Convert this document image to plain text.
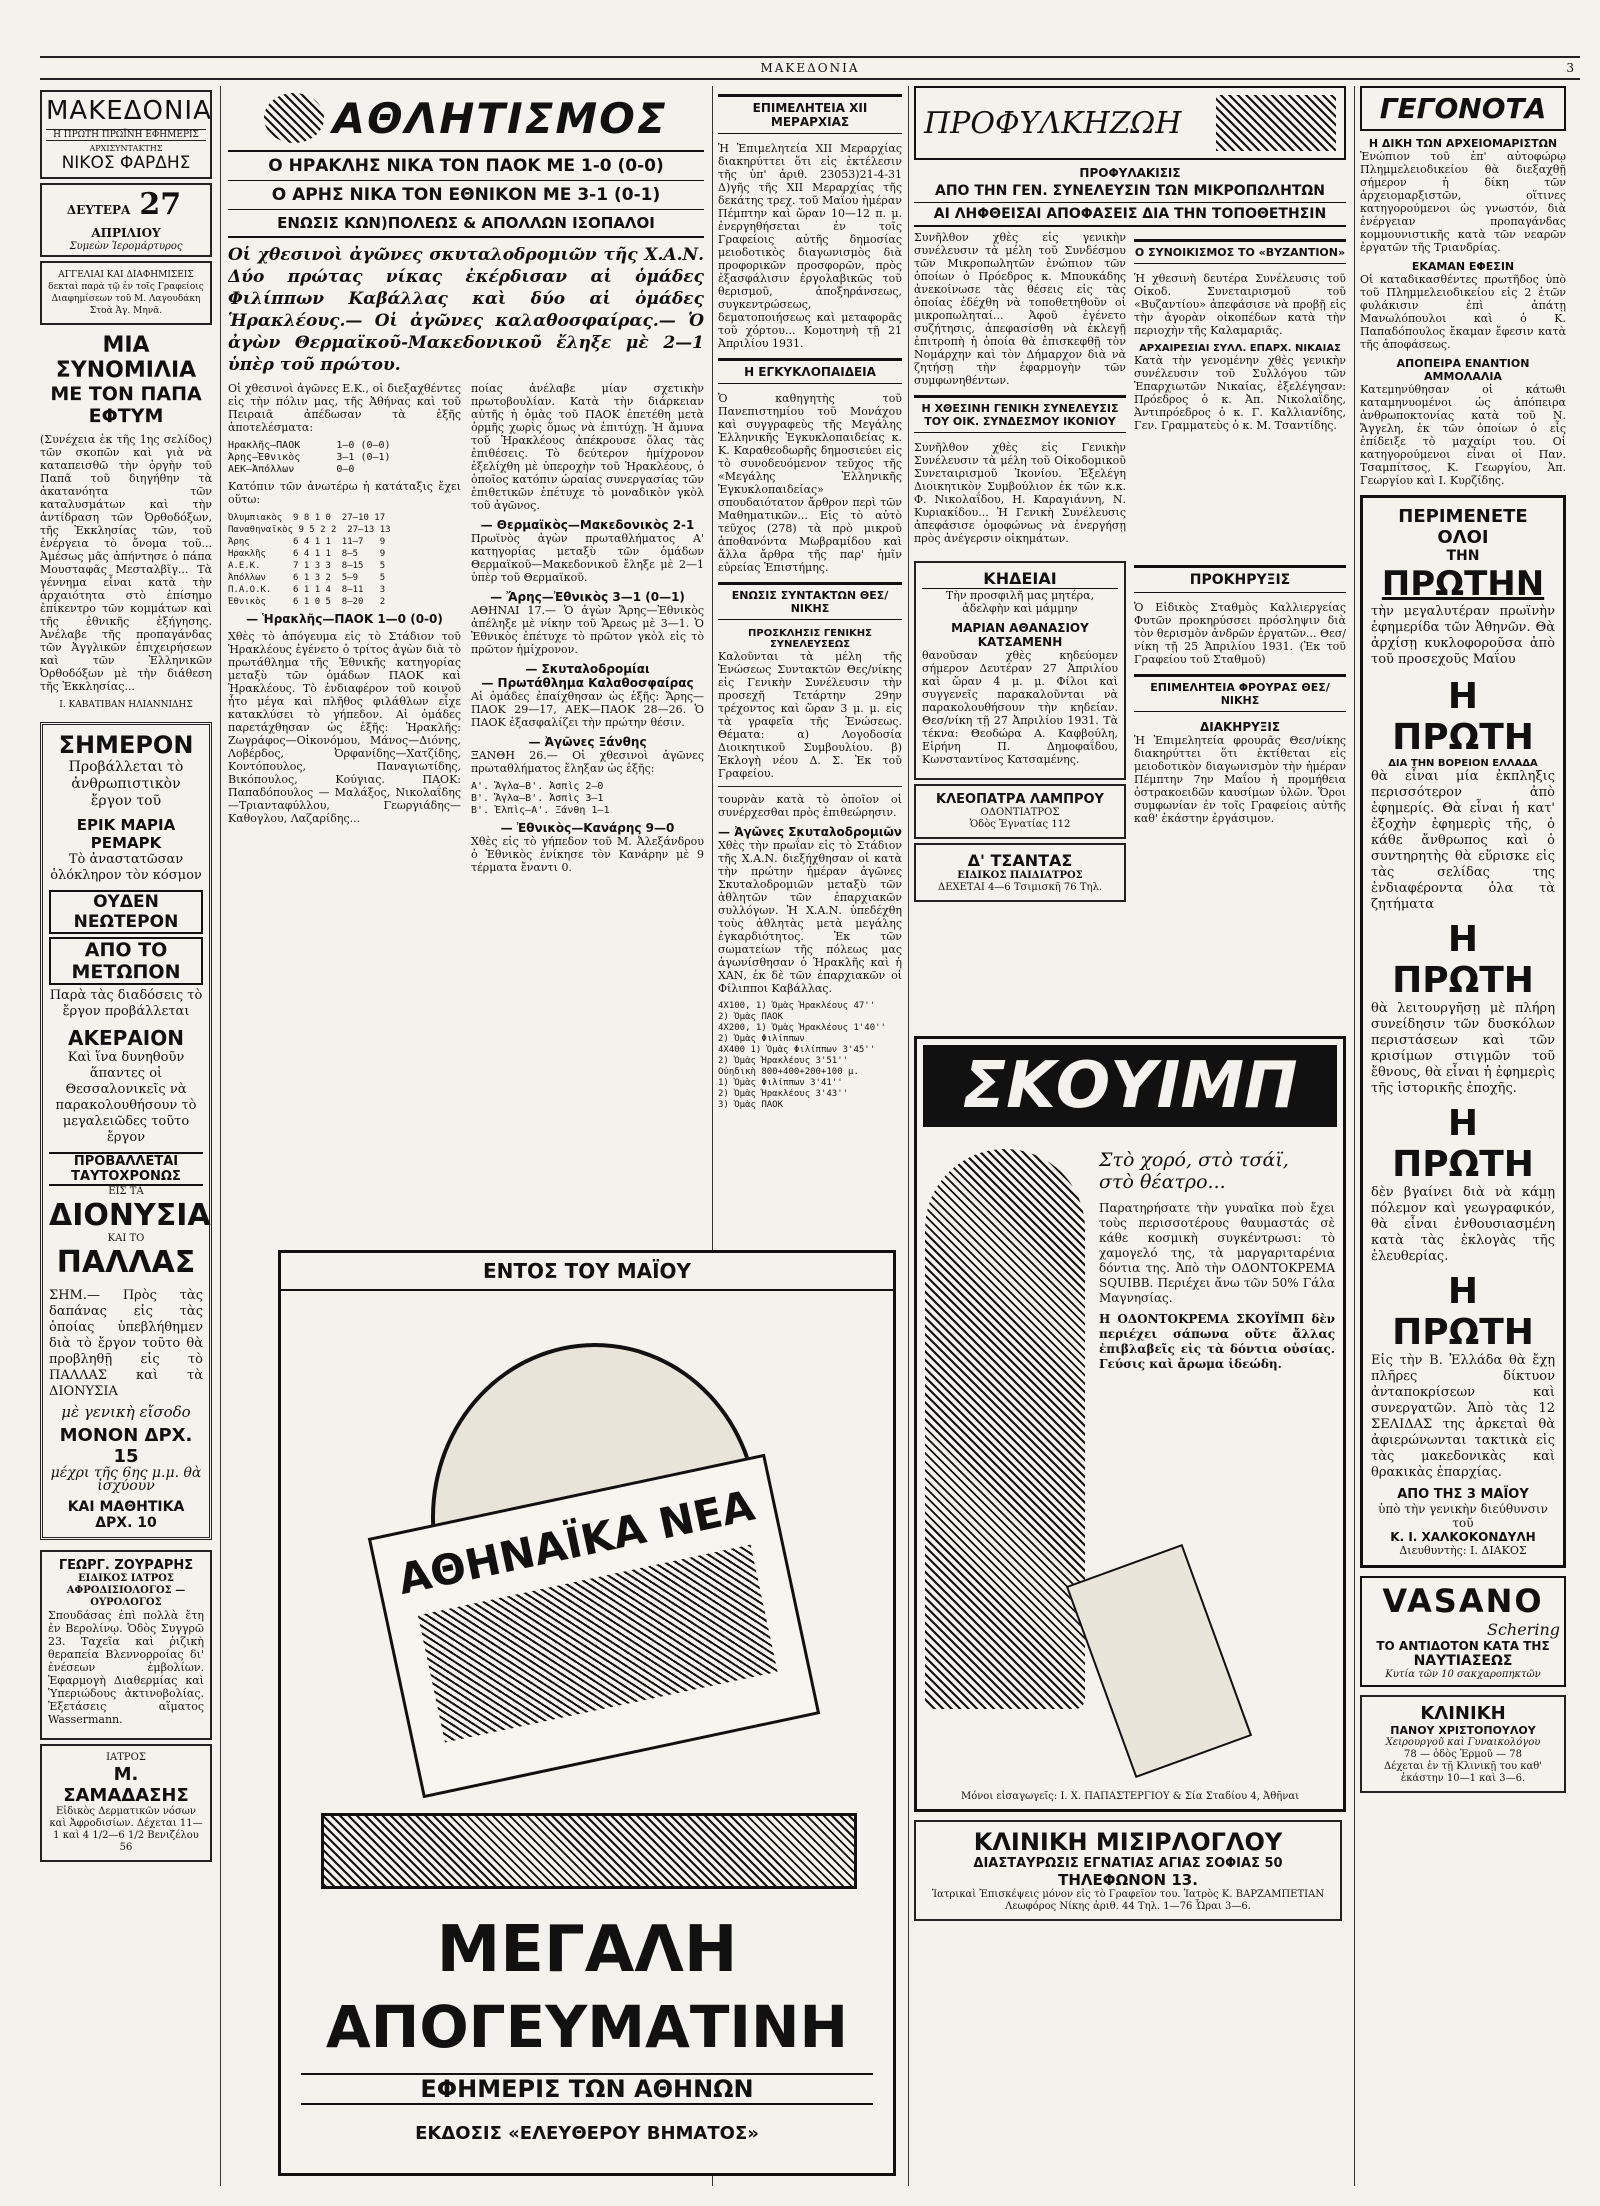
ΜΑΚΕΔΟΝΙΑ	3
ΜΑΚΕΔΟΝΙΑ
Η ΠΡΩΤΗ ΠΡΩΪΝΗ ΕΦΗΜΕΡΙΣ
ΑΡΧΙΣΥΝΤΑΚΤΗΣ
ΝΙΚΟΣ ΦΑΡΔΗΣ
ΔΕΥΤΕΡΑ 27 ΑΠΡΙΛΙΟΥ
Συμεὼν Ἱερομάρτυρος
ΑΓΓΕΛΙΑΙ ΚΑΙ ΔΙΑΦΗΜΙΣΕΙΣ δεκταὶ παρὰ τῷ ἐν τοῖς Γραφείοις Διαφημίσεων τοῦ Μ. Λαγουδάκη Στοὰ Ἁγ. Μηνᾶ.
ΜΙΑ ΣΥΝΟΜΙΛΙΑ
ΜΕ ΤΟΝ ΠΑΠΑ ΕΦΤΥΜ

(Συνέχεια ἐκ τῆς 1ης σελίδος) τῶν σκοπῶν καὶ γιὰ νὰ καταπεισθῶ τὴν ὀργὴν τοῦ Παπᾶ τοῦ διηγήθην τὰ ἀκατανόητα τῶν καταλυσμάτων καὶ τὴν ἀντίδραση τῶν Ὀρθοδόξων, τῆς Ἐκκλησίας τῶν, τοῦ ἐνέργεια τὸ ὄνομα τοῦ... Ἀμέσως μᾶς ἀπήντησε ὁ πάπα Μουσταφᾶς Μεσταλβῖγ... Τὰ γέννημα εἶναι κατὰ τὴν ἀρχαιότητα στὸ ἐπίσημο ἐπίκεντρο τῶν κομμάτων καὶ τῆς ἐθνικῆς ἐξήγησης. Ἀνέλαβε τῆς προπαγάνδας τῶν Ἀγγλικῶν ἐπιχειρήσεων καὶ τῶν Ἑλληνικῶν Ὀρθοδόξων μὲ τὴν διάθεση τῆς Ἐκκλησίας...

Ι. ΚΑΒΑΤΙΒΑΝ ΗΛΙΑΝΝΙΔΗΣ

ΣΗΜΕΡΟΝ
Προβάλλεται τὸ ἀνθρωπιστικὸν ἔργον τοῦ
ΕΡΙΚ ΜΑΡΙΑ ΡΕΜΑΡΚ
Τὸ ἀναστατῶσαν ὁλόκληρον τὸν κόσμον
ΟΥΔΕΝ ΝΕΩΤΕΡΟΝ
ΑΠΟ ΤΟ ΜΕΤΩΠΟΝ
Παρὰ τὰς διαδόσεις τὸ ἔργον προβάλλεται
ΑΚΕΡΑΙΟΝ
Καὶ ἵνα δυνηθοῦν ἅπαντες οἱ Θεσσαλονικεῖς νὰ παρακολουθήσουν τὸ μεγαλειῶδες τοῦτο ἔργον
ΠΡΟΒΑΛΛΕΤΑΙ ΤΑΥΤΟΧΡΟΝΩΣ
ΕΙΣ ΤΑ
ΔΙΟΝΥΣΙΑ
ΚΑΙ ΤΟ
ΠΑΛΛΑΣ
ΣΗΜ.— Πρὸς τὰς δαπάνας εἰς τὰς ὁποίας ὑπεβλήθημεν διὰ τὸ ἔργον τοῦτο θὰ προβληθῇ εἰς τὸ ΠΑΛΛΑΣ καὶ τὰ ΔΙΟΝΥΣΙΑ
μὲ γενικὴ εἴσοδο
ΜΟΝΟΝ ΔΡΧ. 15
μέχρι τῆς 6ης μ.μ. θὰ ἰσχύουν
ΚΑΙ ΜΑΘΗΤΙΚΑ ΔΡΧ. 10
ΓΕΩΡΓ. ΖΟΥΡΑΡΗΣ
ΕΙΔΙΚΟΣ ΙΑΤΡΟΣ ΑΦΡΟΔΙΣΙΟΛΟΓΟΣ — ΟΥΡΟΛΟΓΟΣ
Σπουδάσας ἐπὶ πολλὰ ἔτη ἐν Βερολίνῳ. Ὁδὸς Συγγρῶ 23. Ταχεῖα καὶ ῥιζικὴ θεραπεία Βλεννορροίας δι' ἐνέσεων ἐμβολίων. Ἐφαρμογὴ Διαθερμίας καὶ Ὑπεριώδους ἀκτινοβολίας. Ἐξετάσεις αἵματος Wassermann.
ΙΑΤΡΟΣ
Μ. ΣΑΜΑΔΑΣΗΣ
Εἰδικὸς Δερματικῶν νόσων καὶ Ἀφροδισίων. Δέχεται 11—1 καὶ 4 1/2—6 1/2 Βενιζέλου 56
ΑΘΛΗΤΙΣΜΟΣ
Ο ΗΡΑΚΛΗΣ ΝΙΚΑ ΤΟΝ ΠΑΟΚ ΜΕ 1-0 (0-0)
Ο ΑΡΗΣ ΝΙΚΑ ΤΟΝ ΕΘΝΙΚΟΝ ΜΕ 3-1 (0-1)
ΕΝΩΣΙΣ ΚΩΝ)ΠΟΛΕΩΣ & ΑΠΟΛΛΩΝ ΙΣΟΠΑΛΟΙ

Οἱ χθεσινοὶ ἀγῶνες σκυταλοδρομιῶν τῆς Χ.Α.Ν. Δύο πρώτας νίκας ἐκέρδισαν αἱ ὁμάδες Φιλίππων Καβάλλας καὶ δύο αἱ ὁμάδες Ἡρακλέους.— Οἱ ἀγῶνες καλαθοσφαίρας.— Ὁ ἀγὼν Θερμαϊκοῦ-Μακεδονικοῦ ἔληξε μὲ 2—1 ὑπὲρ τοῦ πρώτου.

Οἱ χθεσινοὶ ἀγῶνες Ε.Κ., οἱ διεξαχθέντες εἰς τὴν πόλιν μας, τῆς Ἀθήνας καὶ τοῦ Πειραιᾶ ἀπέδωσαν τὰ ἑξῆς ἀποτελέσματα:

Ἡρακλῆς—ΠΑΟΚ      1—0 (0—0)
Ἄρης—Ἐθνικὸς      3—1 (0—1)
ΑΕΚ—Ἀπόλλων       0—0

Κατόπιν τῶν ἀνωτέρω ἡ κατάταξις ἔχει οὕτω:

Ὀλυμπιακὸς  9 8 1 0  27—10 17
Παναθηναϊκὸς 9 5 2 2  27—13 13
Ἄρης        6 4 1 1  11—7   9
Ἡρακλῆς     6 4 1 1  8—5    9
Α.Ε.Κ.      7 1 3 3  8—15   5
Ἀπόλλων     6 1 3 2  5—9    5
Π.Α.Ο.Κ.    6 1 1 4  8—11   3
Ἐθνικὸς     6 1 0 5  8—20   2
— Ἡρακλῆς—ΠΑΟΚ 1—0 (0-0)

Χθὲς τὸ ἀπόγευμα εἰς τὸ Στάδιον τοῦ Ἡρακλέους ἐγένετο ὁ τρίτος ἀγὼν διὰ τὸ πρωτάθλημα τῆς Ἐθνικῆς κατηγορίας μεταξὺ τῶν ὁμάδων ΠΑΟΚ καὶ Ἡρακλέους. Τὸ ἐνδιαφέρον τοῦ κοινοῦ ἦτο μέγα καὶ πλῆθος φιλάθλων εἶχε κατακλύσει τὸ γήπεδον. Αἱ ὁμάδες παρετάχθησαν ὡς ἑξῆς: Ἡρακλῆς: Ζωγράφος—Οἰκονόμου, Μάνος—Διόνης, Λοβέρδος, Ὀρφανίδης—Χατζίδης, Κοντόπουλος, Παναγιωτίδης, Βικόπουλος, Κούγιας. ΠΑΟΚ: Παπαδόπουλος — Μαλάξος, Νικολαΐδης—Τριανταφύλλου, Γεωργιάδης—Καθογλου, Λαζαρίδης...

ποίας ἀνέλαβε μίαν σχετικὴν πρωτοβουλίαν. Κατὰ τὴν διάρκειαν αὐτῆς ἡ ὁμὰς τοῦ ΠΑΟΚ ἐπετέθη μετὰ ὁρμῆς χωρὶς ὅμως νὰ ἐπιτύχῃ. Ἡ ἄμυνα τοῦ Ἡρακλέους ἀπέκρουσε ὅλας τὰς ἐπιθέσεις. Τὸ δεύτερον ἡμίχρονον ἐξελίχθη μὲ ὑπεροχὴν τοῦ Ἡρακλέους, ὁ ὁποῖος κατόπιν ὡραίας συνεργασίας τῶν ἐπιθετικῶν ἐπέτυχε τὸ μοναδικὸν γκὸλ τοῦ ἀγῶνος.

— Θερμαϊκὸς—Μακεδονικὸς 2-1

Πρωϊνὸς ἀγὼν πρωταθλήματος Α' κατηγορίας μεταξὺ τῶν ὁμάδων Θερμαϊκοῦ—Μακεδονικοῦ ἔληξε μὲ 2—1 ὑπὲρ τοῦ Θερμαϊκοῦ.

— Ἄρης—Ἐθνικὸς 3—1 (0—1)

ΑΘΗΝΑΙ 17.— Ὁ ἀγὼν Ἄρης—Ἐθνικὸς ἀπέληξε μὲ νίκην τοῦ Ἄρεως μὲ 3—1. Ὁ Ἐθνικὸς ἐπέτυχε τὸ πρῶτον γκὸλ εἰς τὸ πρῶτον ἡμίχρονον.

— Σκυταλοδρομίαι
— Πρωτάθλημα Καλαθοσφαίρας

Αἱ ὁμάδες ἐπαίχθησαν ὡς ἑξῆς: Ἄρης—ΠΑΟΚ 29—17, ΑΕΚ—ΠΑΟΚ 28—26. Ὁ ΠΑΟΚ ἐξασφαλίζει τὴν πρώτην θέσιν.

— Ἀγῶνες Ξάνθης

ΞΑΝΘΗ 26.— Οἱ χθεσινοὶ ἀγῶνες πρωταθλήματος ἔληξαν ὡς ἑξῆς:

Α'. Ἄγλα—Β'. Ἀσπὶς 2—0
Β'. Ἄγλα—Β'. Ἀσπὶς 3—1
Β'. Ἐλπὶς—Α'. Ξάνθη 1—1
— Ἐθνικὸς—Κανάρης 9—0

Χθὲς εἰς τὸ γήπεδον τοῦ Μ. Ἀλεξάνδρου ὁ Ἐθνικὸς ἐνίκησε τὸν Κανάρην μὲ 9 τέρματα ἔναντι 0.

ΕΠΙΜΕΛΗΤΕΙΑ ΧΙΙ ΜΕΡΑΡΧΙΑΣ

Ἡ Ἐπιμελητεία ΧΙΙ Μεραρχίας διακηρύττει ὅτι εἰς ἐκτέλεσιν τῆς ὑπ' ἀριθ. 23053)21-4-31 Δ)γῆς τῆς XII Μεραρχίας τῆς δεκάτης τρεχ. τοῦ Μαΐου ἡμέραν Πέμπτην καὶ ὥραν 10—12 π. μ. ἐνεργηθήσεται ἐν τοῖς Γραφείοις αὐτῆς δημοσίας μειοδοτικὸς διαγωνισμὸς διὰ προφορικῶν προσφορῶν, πρὸς ἐξασφάλισιν ἐργολαβικῶς τοῦ θερισμοῦ, ἀποξηράνσεως, συγκεντρώσεως, δεματοποιήσεως καὶ μεταφορᾶς τοῦ χόρτου... Κομοτηνὴ τῇ 21 Ἀπριλίου 1931.

Η ΕΓΚΥΚΛΟΠΑΙΔΕΙΑ

Ὁ καθηγητὴς τοῦ Πανεπιστημίου τοῦ Μονάχου καὶ συγγραφεὺς τῆς Μεγάλης Ἑλληνικῆς Ἐγκυκλοπαιδείας κ. Κ. Καραθεοδωρῆς δημοσιεύει εἰς τὸ συνοδευόμενον τεῦχος τῆς «Μεγάλης Ἑλληνικῆς Ἐγκυκλοπαιδείας» σπουδαιότατον ἄρθρον περὶ τῶν Μαθηματικῶν... Εἰς τὸ αὐτὸ τεῦχος (278) τὰ πρὸ μικροῦ ἀποθανόντα Μωβραμίδου καὶ ἄλλα ἄρθρα τῆς παρ' ἡμῖν εὐρείας Ἐπιστήμης.

ΕΝΩΣΙΣ ΣΥΝΤΑΚΤΩΝ ΘΕΣ/ΝΙΚΗΣ
ΠΡΟΣΚΛΗΣΙΣ ΓΕΝΙΚΗΣ ΣΥΝΕΛΕΥΣΕΩΣ

Καλοῦνται τὰ μέλη τῆς Ἑνώσεως Συντακτῶν Θες/νίκης εἰς Γενικὴν Συνέλευσιν τὴν προσεχῆ Τετάρτην 29ην τρέχοντος καὶ ὥραν 3 μ. μ. εἰς τὰ γραφεῖα τῆς Ἑνώσεως. Θέματα: α) Λογοδοσία Διοικητικοῦ Συμβουλίου. β) Ἐκλογὴ νέου Δ. Σ. Ἐκ τοῦ Γραφείου.

τουρνὰν κατὰ τὸ ὁποῖον οἱ συνέρχεσθαι πρὸς ἐπιθεώρησιν.

— Ἀγῶνες Σκυταλοδρομιῶν

Χθὲς τὴν πρωΐαν εἰς τὸ Στάδιον τῆς Χ.Α.Ν. διεξήχθησαν οἱ κατὰ τὴν πρώτην ἡμέραν ἀγῶνες Σκυταλοδρομιῶν μεταξὺ τῶν ἀθλητῶν τῶν ἐπαρχιακῶν συλλόγων. Ἡ Χ.Α.Ν. ὑπεδέχθη τοὺς ἀθλητὰς μετὰ μεγάλης ἐγκαρδιότητος. Ἐκ τῶν σωματείων τῆς πόλεως μας ἀγωνίσθησαν ὁ Ἡρακλῆς καὶ ἡ ΧΑΝ, ἐκ δὲ τῶν ἐπαρχιακῶν οἱ Φίλιπποι Καβάλλας.

4Χ100, 1) Ὁμὰς Ἡρακλέους 47''
2) Ὁμὰς ΠΑΟΚ
4Χ200, 1) Ὁμὰς Ἡρακλέους 1'40''
2) Ὁμὰς Φιλίππων
4Χ400 1) Ὁμὰς Φιλίππων 3'45''
2) Ὁμὰς Ἡρακλέους 3'51''
Οὐηδικὴ 800+400+200+100 μ.
1) Ὁμὰς Φιλίππων 3'41''
2) Ὁμὰς Ἡρακλέους 3'43''
3) Ὁμὰς ΠΑΟΚ
ΕΝΤΟΣ ΤΟΥ ΜΑΪΟΥ
ΑΘΗΝΑΪΚΑ ΝΕΑ
ΜΕΓΑΛΗ
ΑΠΟΓΕΥΜΑΤΙΝΗ
ΕΦΗΜΕΡΙΣ ΤΩΝ ΑΘΗΝΩΝ
ΕΚΔΟΣΙΣ «ΕΛΕΥΘΕΡΟΥ ΒΗΜΑΤΟΣ»
ΠΡΟΦΥΛΚΗΖΩΗ
ΠΡΟΦΥΛΑΚΙΣΙΣ
ΑΠΟ ΤΗΝ ΓΕΝ. ΣΥΝΕΛΕΥΣΙΝ ΤΩΝ ΜΙΚΡΟΠΩΛΗΤΩΝ
ΑΙ ΛΗΦΘΕΙΣΑΙ ΑΠΟΦΑΣΕΙΣ ΔΙΑ ΤΗΝ ΤΟΠΟΘΕΤΗΣΙΝ

Συνῆλθον χθὲς εἰς γενικὴν συνέλευσιν τὰ μέλη τοῦ Συνδέσμου τῶν Μικροπωλητῶν ἐνώπιον τῶν ὁποίων ὁ Πρόεδρος κ. Μπουκάδης ἀνεκοίνωσε τὰς θέσεις εἰς τὰς ὁποίας ἐδέχθη νὰ τοποθετηθοῦν οἱ μικροπωληταί... Ἀφοῦ ἐγένετο συζήτησις, ἀπεφασίσθη νὰ ἐκλεγῇ ἐπιτροπὴ ἡ ὁποία θὰ ἐπισκεφθῇ τὸν Νομάρχην καὶ τὸν Δήμαρχον διὰ νὰ ζητήσῃ τὴν ἐφαρμογὴν τῶν συμφωνηθέντων.

Η ΧΘΕΣΙΝΗ ΓΕΝΙΚΗ ΣΥΝΕΛΕΥΣΙΣ ΤΟΥ ΟΙΚ. ΣΥΝΔΕΣΜΟΥ ΙΚΟΝΙΟΥ

Συνῆλθον χθὲς εἰς Γενικὴν Συνέλευσιν τὰ μέλη τοῦ Οἰκοδομικοῦ Συνεταιρισμοῦ Ἰκονίου. Ἐξελέγη Διοικητικὸν Συμβούλιον ἐκ τῶν κ.κ. Φ. Νικολαΐδου, Η. Καραγιάννη, Ν. Κυριακίδου... Ἡ Γενικὴ Συνέλευσις ἀπεφάσισε ὁμοφώνως νὰ ἐνεργήσῃ πρὸς ἀνέγερσιν οἰκημάτων.

Ο ΣΥΝΟΙΚΙΣΜΟΣ ΤΟ «ΒΥΖΑΝΤΙΟΝ»

Ἡ χθεσινὴ δευτέρα Συνέλευσις τοῦ Οἰκοδ. Συνεταιρισμοῦ τοῦ «Βυζαντίου» ἀπεφάσισε νὰ προβῇ εἰς τὴν ἀγορὰν οἰκοπέδων κατὰ τὴν περιοχὴν τῆς Καλαμαριᾶς.

ΑΡΧΑΙΡΕΣΙΑΙ ΣΥΛΛ. ΕΠΑΡΧ. ΝΙΚΑΙΑΣ

Κατὰ τὴν γενομένην χθὲς γενικὴν συνέλευσιν τοῦ Συλλόγου τῶν Ἐπαρχιωτῶν Νικαίας, ἐξελέγησαν: Πρόεδρος ὁ κ. Ἀπ. Νικολαΐδης, Ἀντιπρόεδρος ὁ κ. Γ. Καλλιανίδης, Γεν. Γραμματεὺς ὁ κ. Μ. Τσαντίδης.

ΚΗΔΕΙΑΙ

Τὴν προσφιλῆ μας μητέρα, ἀδελφὴν καὶ μάμμην

ΜΑΡΙΑΝ ΑΘΑΝΑΣΙΟΥ ΚΑΤΣΑΜΕΝΗ

θανοῦσαν χθὲς κηδεύομεν σήμερον Δευτέραν 27 Ἀπριλίου καὶ ὥραν 4 μ. μ. Φίλοι καὶ συγγενεῖς παρακαλοῦνται νὰ παρακολουθήσουν τὴν κηδείαν. Θεσ/νίκη τῇ 27 Ἀπριλίου 1931. Τὰ τέκνα: Θεοδώρα Α. Καφβούλη, Εἰρήνη Π. Δημοφαΐδου, Κωνσταντίνος Κατσαμένης.

ΚΛΕΟΠΑΤΡΑ ΛΑΜΠΡΟΥ
ΟΔΟΝΤΙΑΤΡΟΣ
Ὁδὸς Ἐγνατίας 112
Δ' ΤΣΑΝΤΑΣ
ΕΙΔΙΚΟΣ ΠΑΙΔΙΑΤΡΟΣ
ΔΕΧΕΤΑΙ 4—6 Τσιμισκῆ 76 Τηλ.
ΠΡΟΚΗΡΥΞΙΣ

Ὁ Εἰδικὸς Σταθμὸς Καλλιεργείας Φυτῶν προκηρύσσει πρόσληψιν διὰ τὸν θερισμὸν ἀνδρῶν ἐργατῶν... Θεσ/νίκη τῇ 25 Ἀπριλίου 1931. (Ἐκ τοῦ Γραφείου τοῦ Σταθμοῦ)

ΕΠΙΜΕΛΗΤΕΙΑ ΦΡΟΥΡΑΣ ΘΕΣ/ΝΙΚΗΣ
ΔΙΑΚΗΡΥΞΙΣ

Ἡ Ἐπιμελητεία φρουρᾶς Θεσ/νίκης διακηρύττει ὅτι ἐκτίθεται εἰς μειοδοτικὸν διαγωνισμὸν τὴν ἡμέραν Πέμπτην 7ην Μαΐου ἡ προμήθεια ὀστρακοειδῶν καυσίμων ὑλῶν. Ὅροι συμφωνίαν ἐν τοῖς Γραφείοις αὐτῆς καθ' ἑκάστην ἐργάσιμον.

ΣΚΟΥΙΜΠ
Στὸ χορό, στὸ τσάϊ,
στὸ θέατρο...

Παρατηρήσατε τὴν γυναῖκα ποὺ ἔχει τοὺς περισσοτέρους θαυμαστάς σὲ κάθε κοσμικὴ συγκέντρωσι: τὸ χαμογελό της, τὰ μαργαριταρένια δόντια της. Ἀπὸ τὴν ΟΔΟΝΤΟΚΡΕΜΑ SQUIBB. Περιέχει ἄνω τῶν 50% Γάλα Μαγνησίας.

Η ΟΔΟΝΤΟΚΡΕΜΑ ΣΚΟΥΪΜΠ δὲν περιέχει σάπωνα οὔτε ἄλλας ἐπιβλαβεῖς εἰς τὰ δόντια οὐσίας. Γεύσις καὶ ἄρωμα ἰδεώδη.

Μόνοι εἰσαγωγεῖς: Ι. Χ. ΠΑΠΑΣΤΕΡΓΙΟΥ & Σία Σταδίου 4, Ἀθῆναι
ΚΛΙΝΙΚΗ ΜΙΣΙΡΛΟΓΛΟΥ
ΔΙΑΣΤΑΥΡΩΣΙΣ ΕΓΝΑΤΙΑΣ ΑΓΙΑΣ ΣΟΦΙΑΣ 50
ΤΗΛΕΦΩΝΟΝ 13.
Ἰατρικαὶ Ἐπισκέψεις μόνον εἰς τὸ Γραφεῖον του. Ἰατρὸς Κ. ΒΑΡΖΑΜΠΕΤΙΑΝ Λεωφόρος Νίκης ἀριθ. 44 Τηλ. 1—76 Ὧραι 3—6.
ΓΕΓΟΝΟΤΑ
Η ΔΙΚΗ ΤΩΝ ΑΡΧΕΙΟΜΑΡΙΣΤΩΝ

Ἐνώπιον τοῦ ἐπ' αὐτοφώρῳ Πλημμελειοδικείου θὰ διεξαχθῇ σήμερον ἡ δίκη τῶν ἀρχειομαρξιστῶν, οἵτινες κατηγορούμενοι ὡς γνωστόν, διὰ ἐνέργειαν προπαγάνδας κομμουνιστικῆς κατὰ τῶν νεαρῶν ἐργατῶν τῆς Τριανδρίας.

ΕΚΑΜΑΝ ΕΦΕΣΙΝ

Οἱ καταδικασθέντες πρωτῆδος ὑπὸ τοῦ Πλημμελειοδικείου εἰς 2 ἐτῶν φυλάκισιν ἐπὶ ἀπάτῃ Μανωλόπουλοι καὶ ὁ Κ. Παπαδόπουλος ἔκαμαν ἔφεσιν κατὰ τῆς ἀποφάσεως.

ΑΠΟΠΕΙΡΑ ΕΝΑΝΤΙΟΝ ΑΜΜΟΛΑΛΙΑ

Κατεμηνύθησαν οἱ κάτωθι καταμηνυομένοι ὡς ἀπόπειρα ἀνθρωποκτονίας κατὰ τοῦ Ν. Ἄγγελη, ἐκ τῶν ὁποίων ὁ εἷς ἐπίδειξε τὸ μαχαίρι του. Οἱ κατηγορούμενοι εἶναι οἱ Παν. Τσαμπίτσος, Κ. Γεωργίου, Ἀπ. Γεωργίου καὶ Ι. Κυρζίδης.

ΠΕΡΙΜΕΝΕΤΕ ΟΛΟΙ
ΤΗΝ
ΠΡΩΤΗΝ

τὴν μεγαλυτέραν πρωϊνὴν ἐφημερίδα τῶν Ἀθηνῶν. Θὰ ἀρχίσῃ κυκλοφοροῦσα ἀπὸ τοῦ προσεχοῦς Μαΐου

Η ΠΡΩΤΗ
ΔΙΑ ΤΗΝ ΒΟΡΕΙΟΝ ΕΛΛΑΔΑ

θὰ εἶναι μία ἐκπληξις περισσότερον ἀπὸ ἐφημερίς. Θὰ εἶναι ἡ κατ' ἐξοχὴν ἐφημερὶς τῆς, ὁ κάθε ἄνθρωπος καὶ ὁ συντηρητὴς θὰ εὕρισκε εἰς τὰς σελίδας της ἐνδιαφέροντα ὁλα τὰ ζητήματα

Η ΠΡΩΤΗ

θὰ λειτουργῆσῃ μὲ πλήρη συνείδησιν τῶν δυσκόλων περιστάσεων καὶ τῶν κρισίμων στιγμῶν τοῦ ἔθνους, θὰ εἶναι ἡ ἐφημερὶς τῆς ἱστορικῆς ἐποχῆς.

Η ΠΡΩΤΗ

δὲν βγαίνει διὰ νὰ κάμῃ πόλεμον καὶ γεωγραφικόν, θὰ εἶναι ἐνθουσιασμένη κατὰ τὰς ἐκλογὰς τῆς ἐλευθερίας.

Η ΠΡΩΤΗ

Εἰς τὴν Β. Ἑλλάδα θὰ ἔχῃ πλῆρες δίκτυον ἀνταποκρίσεων καὶ συνεργατῶν. Ἀπὸ τὰς 12 ΣΕΛΙΔΑΣ της ἀρκεταὶ θὰ ἀφιερώνωνται τακτικὰ εἰς τὰς μακεδονικὰς καὶ θρακικὰς ἐπαρχίας.

ΑΠΟ ΤΗΣ 3 ΜΑΪΟΥ
ὑπὸ τὴν γενικὴν διεύθυνσιν τοῦ
Κ. Ι. ΧΑΛΚΟΚΟΝΔΥΛΗ
Διευθυντὴς: Ι. ΔΙΑΚΟΣ
VASANO
Schering
ΤΟ ΑΝΤΙΔΟΤΟΝ ΚΑΤΑ ΤΗΣ
ΝΑΥΤΙΑΣΕΩΣ
Κυτία τῶν 10 σακχαροπηκτῶν
ΚΛΙΝΙΚΗ
ΠΑΝΟΥ ΧΡΙΣΤΟΠΟΥΛΟΥ
Χειρουργοῦ καὶ Γυναικολόγου
78 — ὁδὸς Ἑρμοῦ — 78
Δέχεται ἐν τῇ Κλινικῇ του καθ' ἑκάστην 10—1 καὶ 3—6.
